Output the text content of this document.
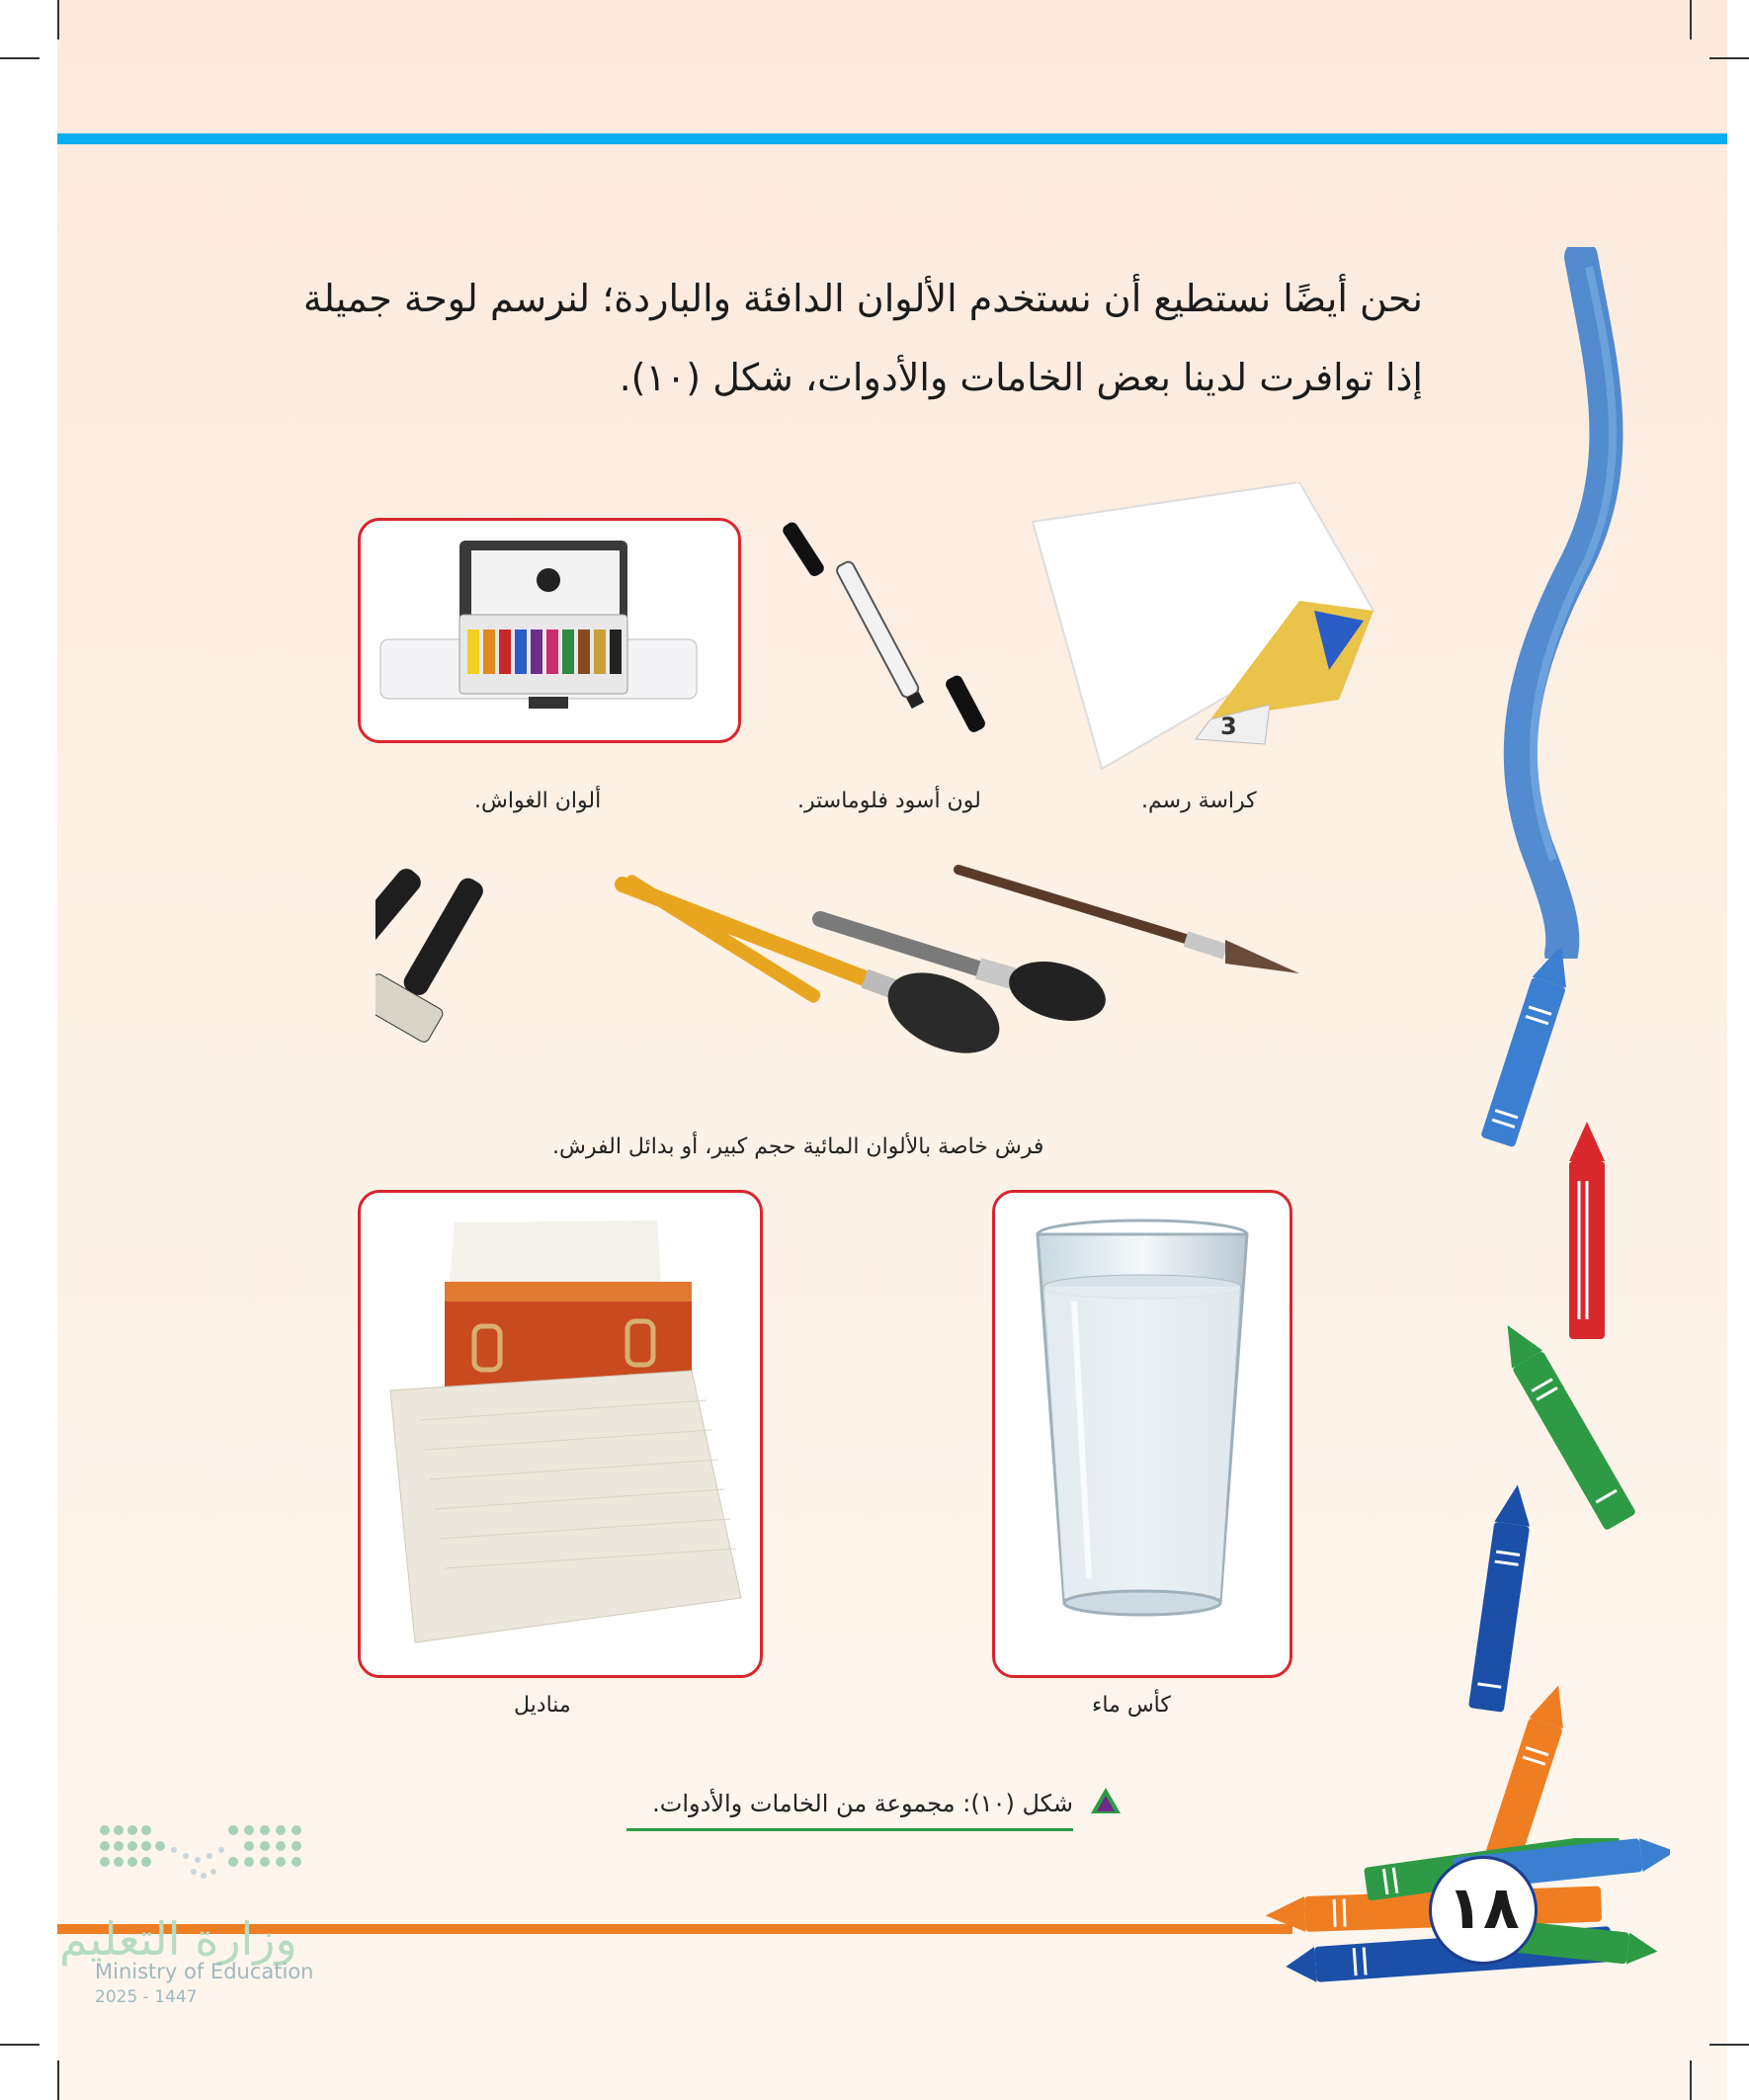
نحن أيضًا نستطيع أن نستخدم الألوان الدافئة والباردة؛ لنرسم لوحة جميلة
إذا توافرت لدينا بعض الخامات والأدوات، شكل (١٠).
3
ألوان الغواش.	لون أسود فلوماستر.	كراسة رسم.
فرش خاصة بالألوان المائية حجم كبير، أو بدائل الفرش.
مناديل	كأس ماء
شكل (١٠): مجموعة من الخامات والأدوات.
١٨
وزارة التعليم
Ministry of Education
2025 - 1447
